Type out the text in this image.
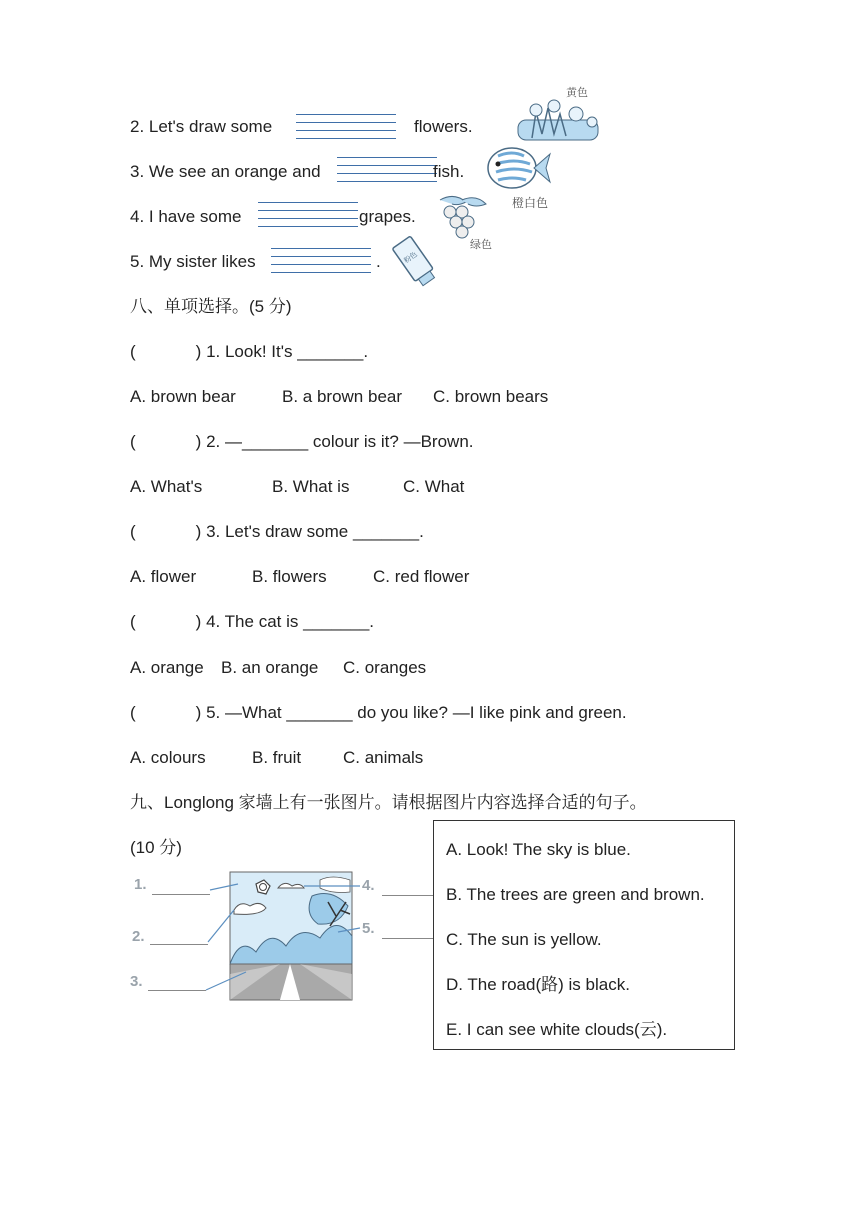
2. Let's draw some	flowers.
3. We see an orange and	fish.
4. I have some	grapes.
5. My sister likes	.
黄色
橙白色
绿色
粉色
八、单项选择。(5 分)
(	) 1. Look! It's _______.
A. brown bear	B. a brown bear C. brown bears
(	) 2. —_______ colour is it? —Brown.
A. What's	B. What is	C. What
(	) 3. Let's draw some _______.
A. flower	B. flowers	C. red flower
(	) 4. The cat is _______.
A. orange B. an orange C. oranges
(	) 5. —What _______ do you like? —I like pink and green.
A. colours	B. fruit C. animals
九、Longlong 家墙上有一张图片。请根据图片内容选择合适的句子。
(10 分)
1.
2.
3.
4.
5.
A. Look! The sky is blue.
B. The trees are green and brown.
C. The sun is yellow.
D. The road(路) is black.
E. I can see white clouds(云).
